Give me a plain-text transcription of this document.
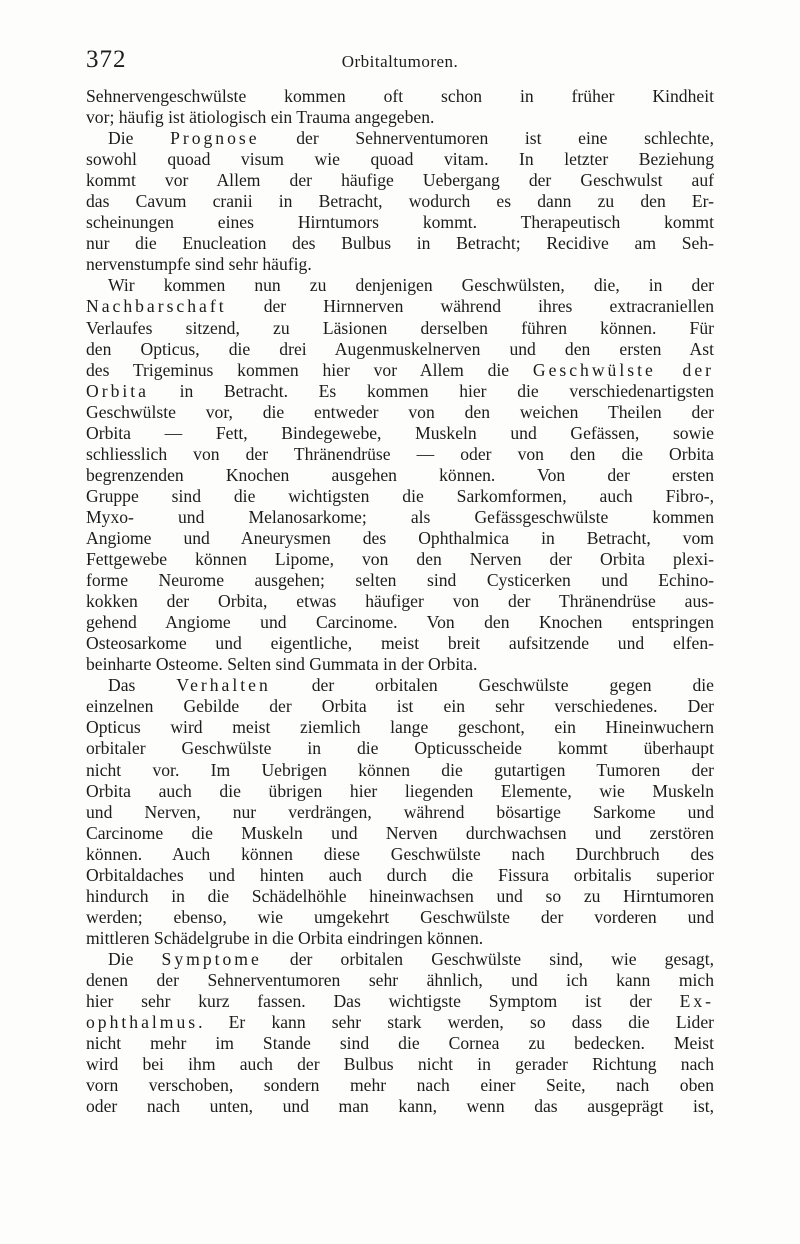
372	Orbitaltumoren.
Sehnervengeschwülste kommen oft schon in früher Kindheit
vor; häufig ist ätiologisch ein Trauma angegeben.
Die Prognose der Sehnerventumoren ist eine schlechte,
sowohl quoad visum wie quoad vitam. In letzter Beziehung
kommt vor Allem der häufige Uebergang der Geschwulst auf
das Cavum cranii in Betracht, wodurch es dann zu den Er-
scheinungen eines Hirntumors kommt. Therapeutisch kommt
nur die Enucleation des Bulbus in Betracht; Recidive am Seh-
nervenstumpfe sind sehr häufig.
Wir kommen nun zu denjenigen Geschwülsten, die, in der
Nachbarschaft der Hirnnerven während ihres extracraniellen
Verlaufes sitzend, zu Läsionen derselben führen können. Für
den Opticus, die drei Augenmuskelnerven und den ersten Ast
des Trigeminus kommen hier vor Allem die Geschwülste der
Orbita in Betracht. Es kommen hier die verschiedenartigsten
Geschwülste vor, die entweder von den weichen Theilen der
Orbita — Fett, Bindegewebe, Muskeln und Gefässen, sowie
schliesslich von der Thränendrüse — oder von den die Orbita
begrenzenden Knochen ausgehen können. Von der ersten
Gruppe sind die wichtigsten die Sarkomformen, auch Fibro-,
Myxo- und Melanosarkome; als Gefässgeschwülste kommen
Angiome und Aneurysmen des Ophthalmica in Betracht, vom
Fettgewebe können Lipome, von den Nerven der Orbita plexi-
forme Neurome ausgehen; selten sind Cysticerken und Echino-
kokken der Orbita, etwas häufiger von der Thränendrüse aus-
gehend Angiome und Carcinome. Von den Knochen entspringen
Osteosarkome und eigentliche, meist breit aufsitzende und elfen-
beinharte Osteome. Selten sind Gummata in der Orbita.
Das Verhalten der orbitalen Geschwülste gegen die
einzelnen Gebilde der Orbita ist ein sehr verschiedenes. Der
Opticus wird meist ziemlich lange geschont, ein Hineinwuchern
orbitaler Geschwülste in die Opticusscheide kommt überhaupt
nicht vor. Im Uebrigen können die gutartigen Tumoren der
Orbita auch die übrigen hier liegenden Elemente, wie Muskeln
und Nerven, nur verdrängen, während bösartige Sarkome und
Carcinome die Muskeln und Nerven durchwachsen und zerstören
können. Auch können diese Geschwülste nach Durchbruch des
Orbitaldaches und hinten auch durch die Fissura orbitalis superior
hindurch in die Schädelhöhle hineinwachsen und so zu Hirntumoren
werden; ebenso, wie umgekehrt Geschwülste der vorderen und
mittleren Schädelgrube in die Orbita eindringen können.
Die Symptome der orbitalen Geschwülste sind, wie gesagt,
denen der Sehnerventumoren sehr ähnlich, und ich kann mich
hier sehr kurz fassen. Das wichtigste Symptom ist der Ex-
ophthalmus. Er kann sehr stark werden, so dass die Lider
nicht mehr im Stande sind die Cornea zu bedecken. Meist
wird bei ihm auch der Bulbus nicht in gerader Richtung nach
vorn verschoben, sondern mehr nach einer Seite, nach oben
oder nach unten, und man kann, wenn das ausgeprägt ist,
